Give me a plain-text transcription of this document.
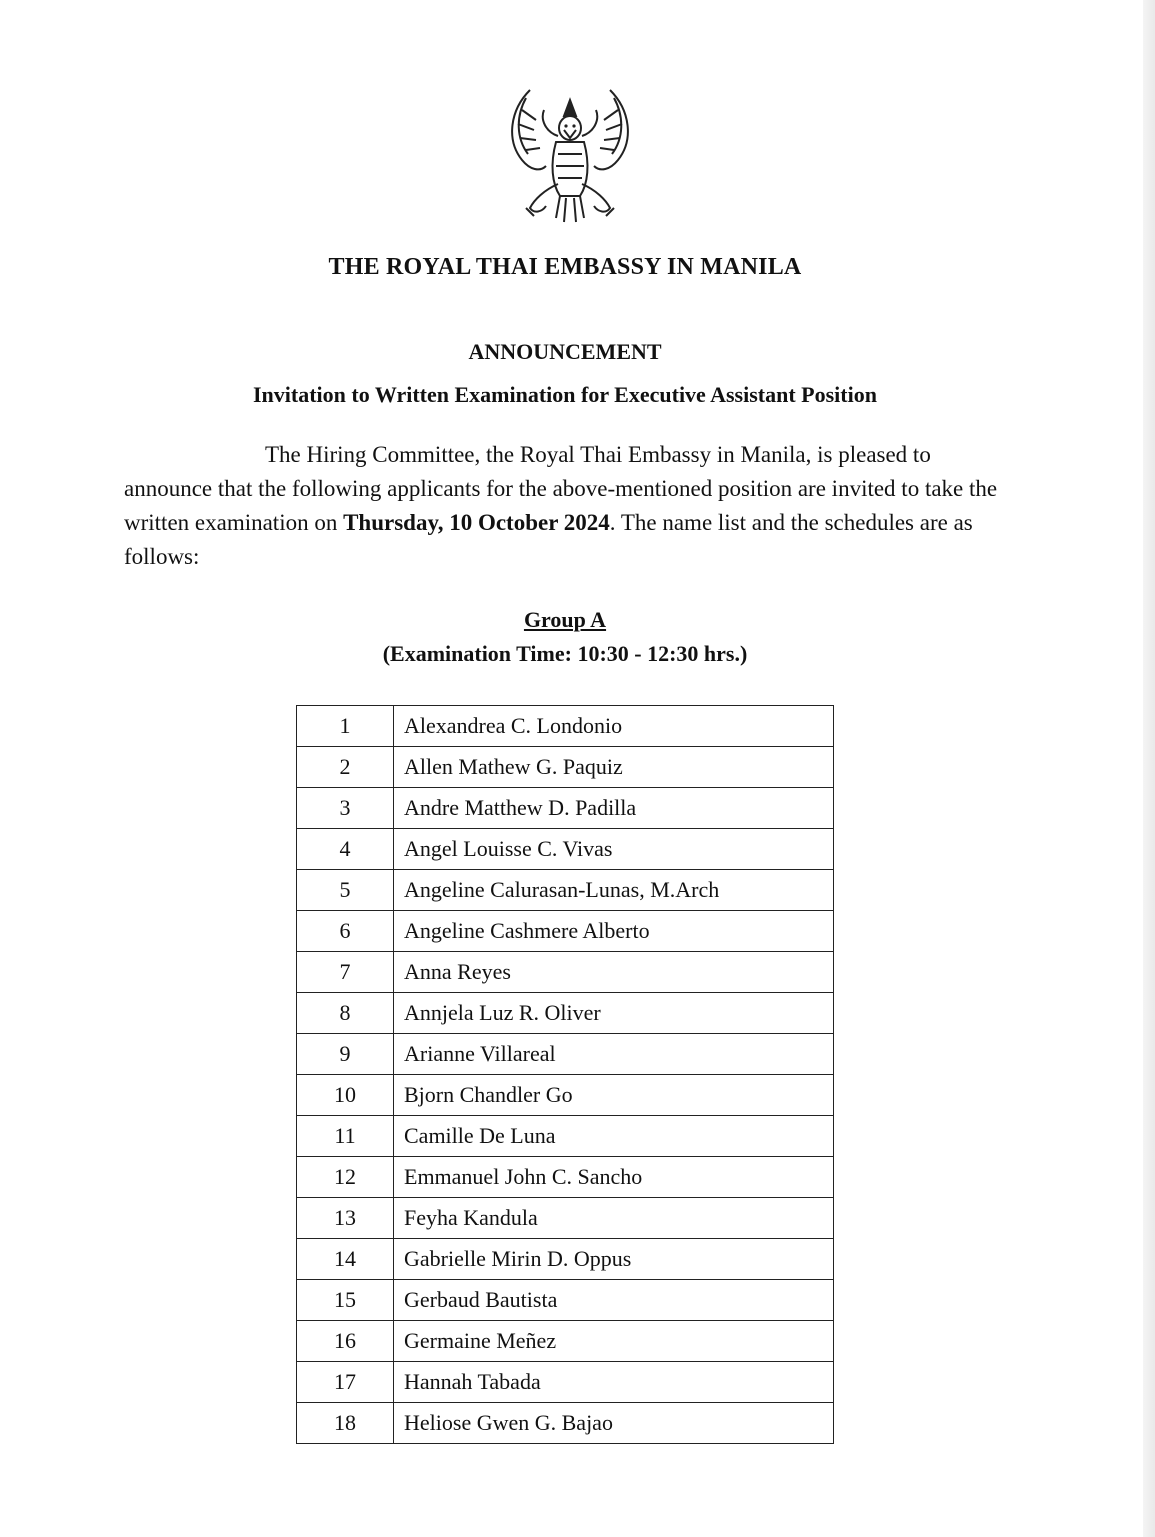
THE ROYAL THAI EMBASSY IN MANILA
ANNOUNCEMENT
Invitation to Written Examination for Executive Assistant Position
The Hiring Committee, the Royal Thai Embassy in Manila, is pleased to announce that the following applicants for the above-mentioned position are invited to take the written examination on Thursday, 10 October 2024. The name list and the schedules are as follows:
Group A
(Examination Time: 10:30 - 12:30 hrs.)
1	Alexandrea C. Londonio
2	Allen Mathew G. Paquiz
3	Andre Matthew D. Padilla
4	Angel Louisse C. Vivas
5	Angeline Calurasan-Lunas, M.Arch
6	Angeline Cashmere Alberto
7	Anna Reyes
8	Annjela Luz R. Oliver
9	Arianne Villareal
10	Bjorn Chandler Go
11	Camille De Luna
12	Emmanuel John C. Sancho
13	Feyha Kandula
14	Gabrielle Mirin D. Oppus
15	Gerbaud Bautista
16	Germaine Meñez
17	Hannah Tabada
18	Heliose Gwen G. Bajao
